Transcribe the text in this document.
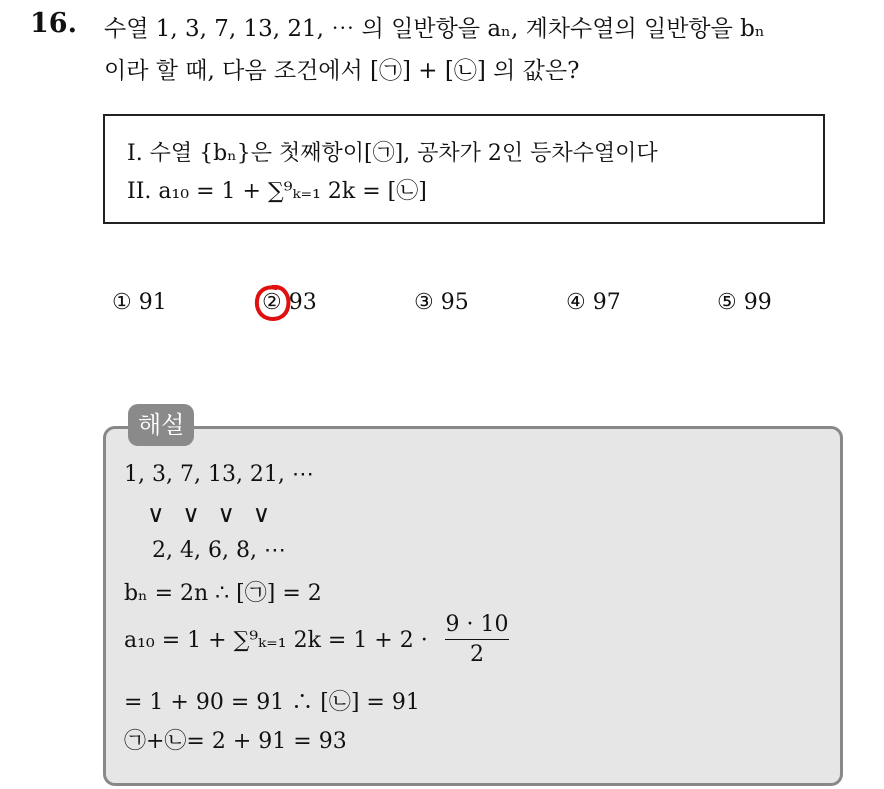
16. 수열 1, 3, 7, 13, 21, ⋯ 의 일반항을 aₙ, 계차수열의 일반항을 bₙ
이라 할 때, 다음 조건에서 [㉠] + [㉡] 의 값은?
I. 수열 {bₙ}은 첫째항이[㉠], 공차가 2인 등차수열이다
II. a₁₀ = 1 + ∑⁹ₖ₌₁ 2k = [㉡]
① 91	② 93	③ 95	④ 97	⑤ 99
해설
1, 3, 7, 13, 21, ⋯
∨ ∨ ∨ ∨
2, 4, 6, 8, ⋯
bₙ = 2n ∴ [㉠] = 2
a₁₀ = 1 + ∑⁹ₖ₌₁ $2k = 1 + 2 \cdot \frac{9 \cdot 10}{2}$
= 1 + 90 = 91 ∴ [㉡] = 91
㉠+㉡= 2 + 91 = 93
